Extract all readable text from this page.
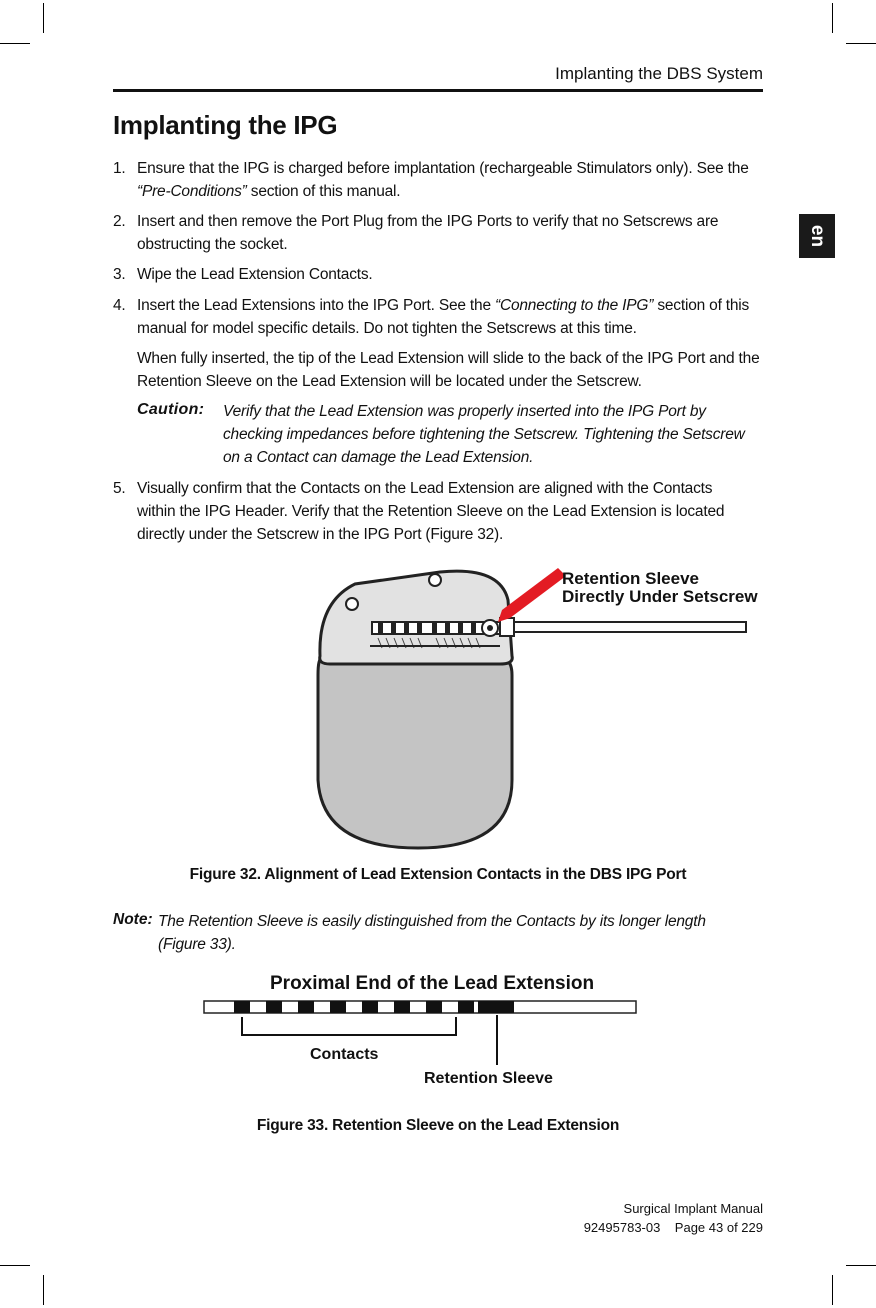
Implanting the DBS System
en
Implanting the IPG
1. Ensure that the IPG is charged before implantation (rechargeable Stimulators only). See the
“Pre-Conditions” section of this manual.
2. Insert and then remove the Port Plug from the IPG Ports to verify that no Setscrews are obstructing the socket.
3. Wipe the Lead Extension Contacts.
4. Insert the Lead Extensions into the IPG Port. See the “Connecting to the IPG” section of this manual for model specific details. Do not tighten the Setscrews at this time.
When fully inserted, the tip of the Lead Extension will slide to the back of the IPG Port and the Retention Sleeve on the Lead Extension will be located under the Setscrew.
Caution: Verify that the Lead Extension was properly inserted into the IPG Port by checking impedances before tightening the Setscrew. Tightening the Setscrew on a Contact can damage the Lead Extension.
5. Visually confirm that the Contacts on the Lead Extension are aligned with the Contacts within the IPG Header. Verify that the Retention Sleeve on the Lead Extension is located directly under the Setscrew in the IPG Port (Figure 32).
Retention Sleeve
Directly Under Setscrew
Figure 32. Alignment of Lead Extension Contacts in the DBS IPG Port
Note: The Retention Sleeve is easily distinguished from the Contacts by its longer length (Figure 33).
Proximal End of the Lead Extension
Contacts
Retention Sleeve
Figure 33. Retention Sleeve on the Lead Extension
Surgical Implant Manual
92495783-03 Page 43 of 229
